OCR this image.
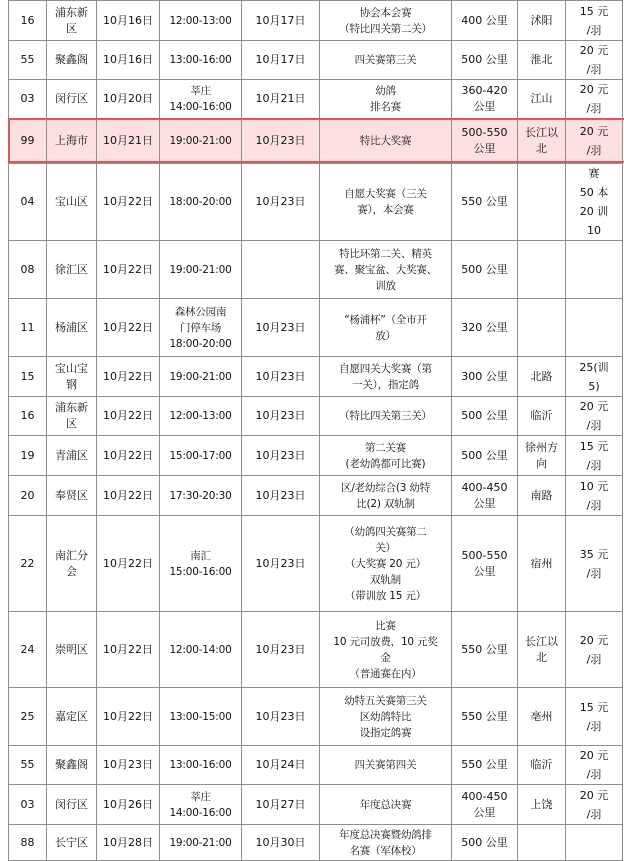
16	浦东新
区	10月16日	12:00-13:00	10月17日	协会本会赛
（特比四关第二关）	400 公里	沭阳	15 元
/羽
55	聚鑫阁	10月16日	13:00-16:00	10月17日	四关赛第三关	500 公里	淮北	20 元
/羽
03	闵行区	10月20日	莘庄
14:00-16:00	10月21日	幼鸽
排名赛	360-420
公里	江山	20 元
/羽
99	上海市	10月21日	19:00-21:00	10月23日	特比大奖赛	500-550
公里	长江以
北	20 元
/羽
04	宝山区	10月22日	18:00-20:00	10月23日	自愿大奖赛（三关
赛），本会赛	550 公里		赛
50 本
20 训
10
08	徐汇区	10月22日	19:00-21:00		特比环第二关、精英
赛、聚宝盆、大奖赛、
训放	500 公里		
11	杨浦区	10月22日	森林公园南
门停车场
18:00-20:00	10月23日	“杨浦杯”（全市开
放）	320 公里		
15	宝山宝
钢	10月22日	19:00-21:00	10月23日	自愿四关大奖赛（第
一关），指定鸽	300 公里	北路	25(训
5)
16	浦东新
区	10月22日	12:00-13:00	10月23日	（特比四关第三关）	500 公里	临沂	20 元
/羽
19	青浦区	10月22日	15:00-17:00	10月23日	第二关赛
(老幼鸽都可比赛)	500 公里	徐州方
向	15 元
/羽
20	奉贤区	10月22日	17:30-20:30	10月23日	区/老幼综合(3 幼特
比(2) 双轨制	400-450
公里	南路	10 元
/羽
22	南汇分
会	10月22日	南汇
15:00-16:00	10月23日	（幼鸽四关赛第二
关）
（大奖赛 20 元）
双轨制
（带训放 15 元）	500-550
公里	宿州	35 元
/羽
24	崇明区	10月22日	12:00-14:00	10月23日	比赛
10 元司放费，10 元奖
金
（普通赛在内）	550 公里	长江以
北	20 元
/羽
25	嘉定区	10月22日	13:00-15:00	10月23日	幼特五关赛第三关
区幼鸽特比
设指定鸽赛	550 公里	亳州	15 元
/羽
55	聚鑫阁	10月23日	13:00-16:00	10月24日	四关赛第四关	550 公里	临沂	20 元
/羽
03	闵行区	10月26日	莘庄
14:00-16:00	10月27日	年度总决赛	400-450
公里	上饶	20 元
/羽
88	长宁区	10月28日	19:00-21:00	10月30日	年度总决赛暨幼鸽排
名赛（军体校）	500 公里		
